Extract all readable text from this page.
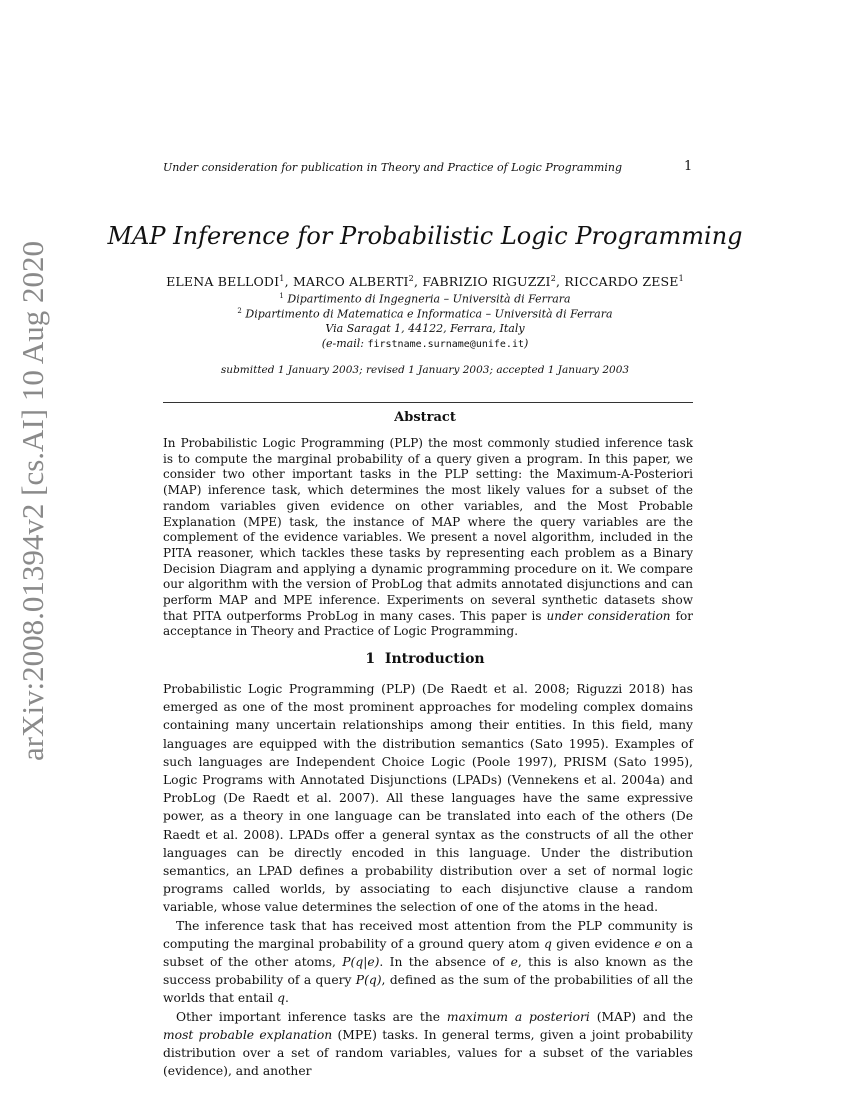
arXiv:2008.01394v2 [cs.AI] 10 Aug 2020
Under consideration for publication in Theory and Practice of Logic Programming	1
MAP Inference for Probabilistic Logic Programming
ELENA BELLODI$^1$, MARCO ALBERTI$^2$, FABRIZIO RIGUZZI$^2$, RICCARDO ZESE$^1$
$^1$ Dipartimento di Ingegneria – Università di Ferrara
$^2$ Dipartimento di Matematica e Informatica – Università di Ferrara
Via Saragat 1, 44122, Ferrara, Italy
(e-mail: firstname.surname@unife.it)
submitted 1 January 2003; revised 1 January 2003; accepted 1 January 2003
Abstract
In Probabilistic Logic Programming (PLP) the most commonly studied inference task is to compute the marginal probability of a query given a program. In this paper, we consider two other important tasks in the PLP setting: the Maximum-A-Posteriori (MAP) inference task, which determines the most likely values for a subset of the random variables given evidence on other variables, and the Most Probable Explanation (MPE) task, the instance of MAP where the query variables are the complement of the evidence variables. We present a novel algorithm, included in the PITA reasoner, which tackles these tasks by representing each problem as a Binary Decision Diagram and applying a dynamic programming procedure on it. We compare our algorithm with the version of ProbLog that admits annotated disjunctions and can perform MAP and MPE inference. Experiments on several synthetic datasets show that PITA outperforms ProbLog in many cases. This paper is under consideration for acceptance in Theory and Practice of Logic Programming.
1 Introduction

Probabilistic Logic Programming (PLP) (De Raedt et al. 2008; Riguzzi 2018) has emerged as one of the most prominent approaches for modeling complex domains containing many uncertain relationships among their entities. In this field, many languages are equipped with the distribution semantics (Sato 1995). Examples of such languages are Independent Choice Logic (Poole 1997), PRISM (Sato 1995), Logic Programs with Annotated Disjunctions (LPADs) (Vennekens et al. 2004a) and ProbLog (De Raedt et al. 2007). All these languages have the same expressive power, as a theory in one language can be translated into each of the others (De Raedt et al. 2008). LPADs offer a general syntax as the constructs of all the other languages can be directly encoded in this language. Under the distribution semantics, an LPAD defines a probability distribution over a set of normal logic programs called worlds, by associating to each disjunctive clause a random variable, whose value determines the selection of one of the atoms in the head.

The inference task that has received most attention from the PLP community is computing the marginal probability of a ground query atom q given evidence e on a subset of the other atoms, P(q|e). In the absence of e, this is also known as the success probability of a query P(q), defined as the sum of the probabilities of all the worlds that entail q.

Other important inference tasks are the maximum a posteriori (MAP) and the most probable explanation (MPE) tasks. In general terms, given a joint probability distribution over a set of random variables, values for a subset of the variables (evidence), and another
